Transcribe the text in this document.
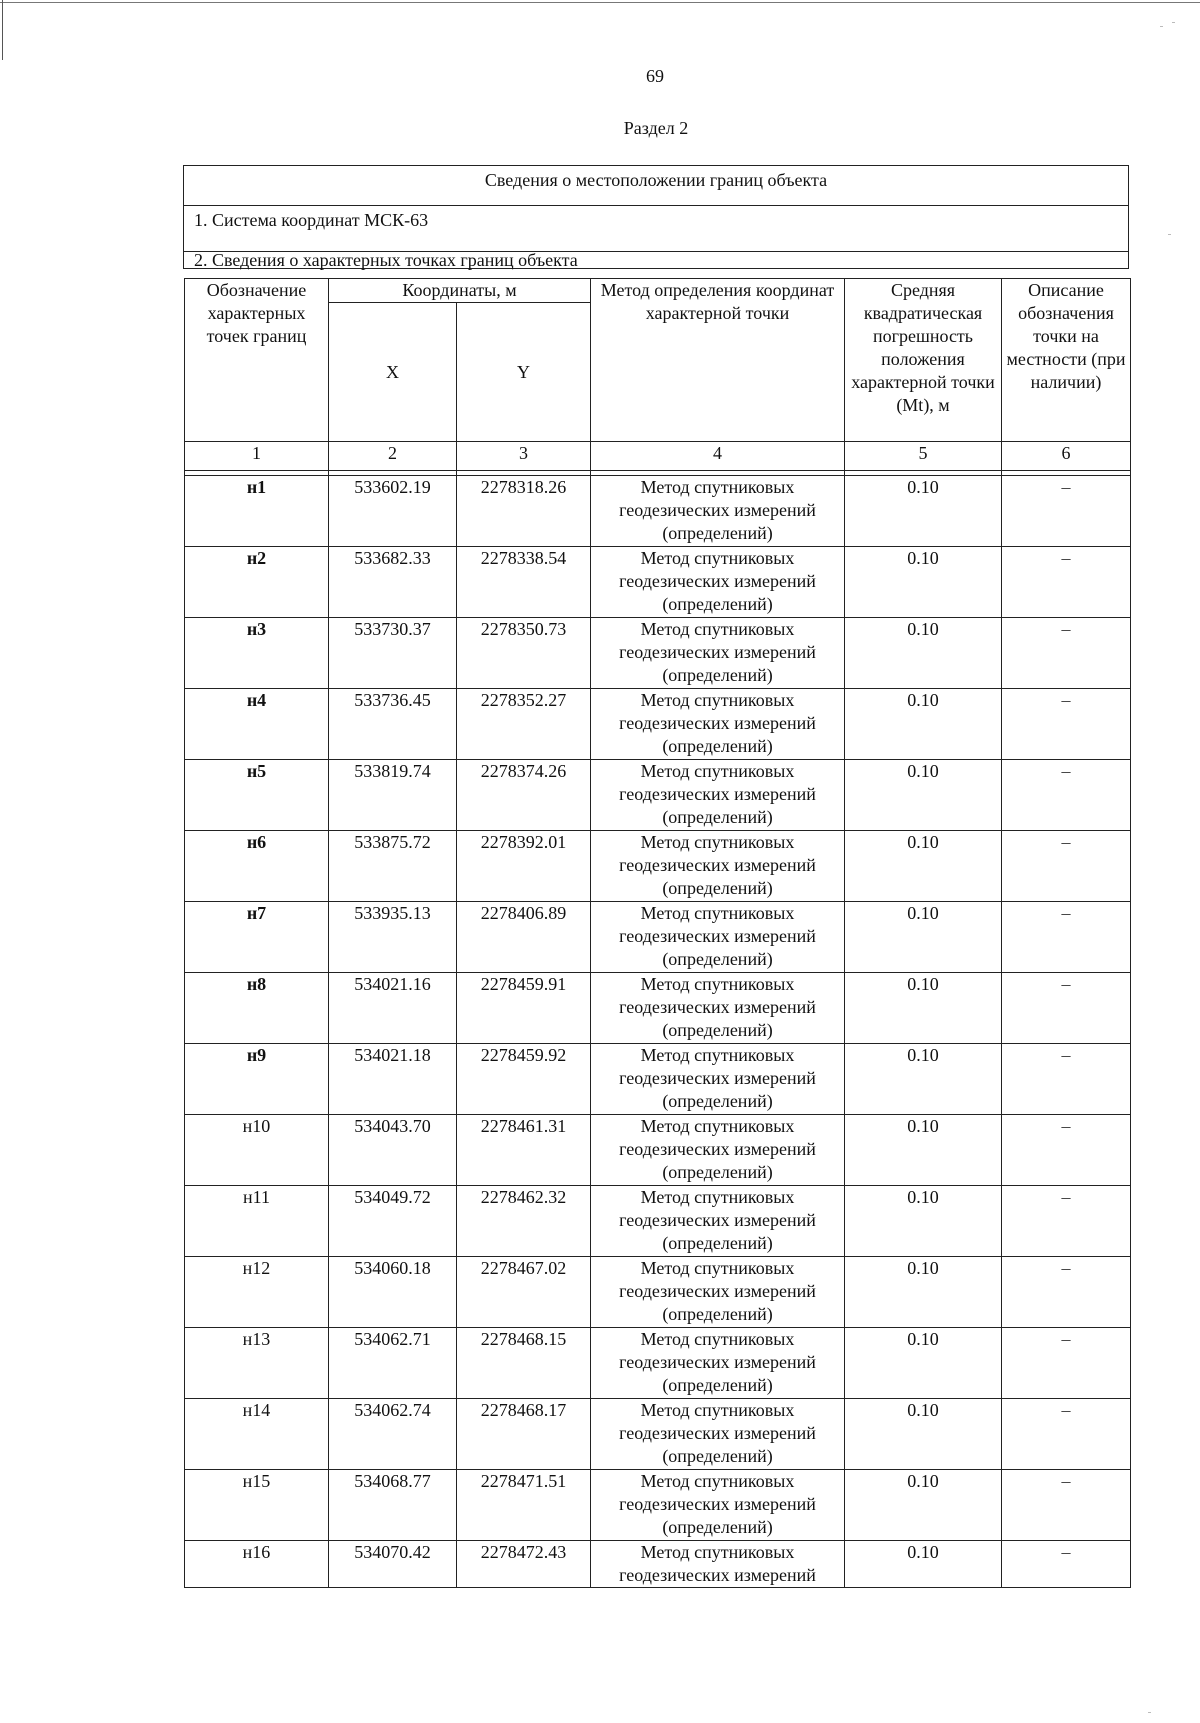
69
Раздел 2
Сведения о местоположении границ объекта
1. Система координат МСК-63
2. Сведения о характерных точках границ объекта
Обозначение характерных точек границ	Координаты, м		Метод определения координат характерной точки	Средняя квадратическая погрешность положения характерной точки (Mt), м	Описание обозначения точки на местности (при наличии)
	X	Y			
1	2	3	4	5	6

н1	533602.19	2278318.26	Метод спутниковых геодезических измерений (определений)	0.10	–
н2	533682.33	2278338.54	Метод спутниковых геодезических измерений (определений)	0.10	–
н3	533730.37	2278350.73	Метод спутниковых геодезических измерений (определений)	0.10	–
н4	533736.45	2278352.27	Метод спутниковых геодезических измерений (определений)	0.10	–
н5	533819.74	2278374.26	Метод спутниковых геодезических измерений (определений)	0.10	–
н6	533875.72	2278392.01	Метод спутниковых геодезических измерений (определений)	0.10	–
н7	533935.13	2278406.89	Метод спутниковых геодезических измерений (определений)	0.10	–
н8	534021.16	2278459.91	Метод спутниковых геодезических измерений (определений)	0.10	–
н9	534021.18	2278459.92	Метод спутниковых геодезических измерений (определений)	0.10	–
н10	534043.70	2278461.31	Метод спутниковых геодезических измерений (определений)	0.10	–
н11	534049.72	2278462.32	Метод спутниковых геодезических измерений (определений)	0.10	–
н12	534060.18	2278467.02	Метод спутниковых геодезических измерений (определений)	0.10	–
н13	534062.71	2278468.15	Метод спутниковых геодезических измерений (определений)	0.10	–
н14	534062.74	2278468.17	Метод спутниковых геодезических измерений (определений)	0.10	–
н15	534068.77	2278471.51	Метод спутниковых геодезических измерений (определений)	0.10	–
н16	534070.42	2278472.43	Метод спутниковых геодезических измерений	0.10	–
